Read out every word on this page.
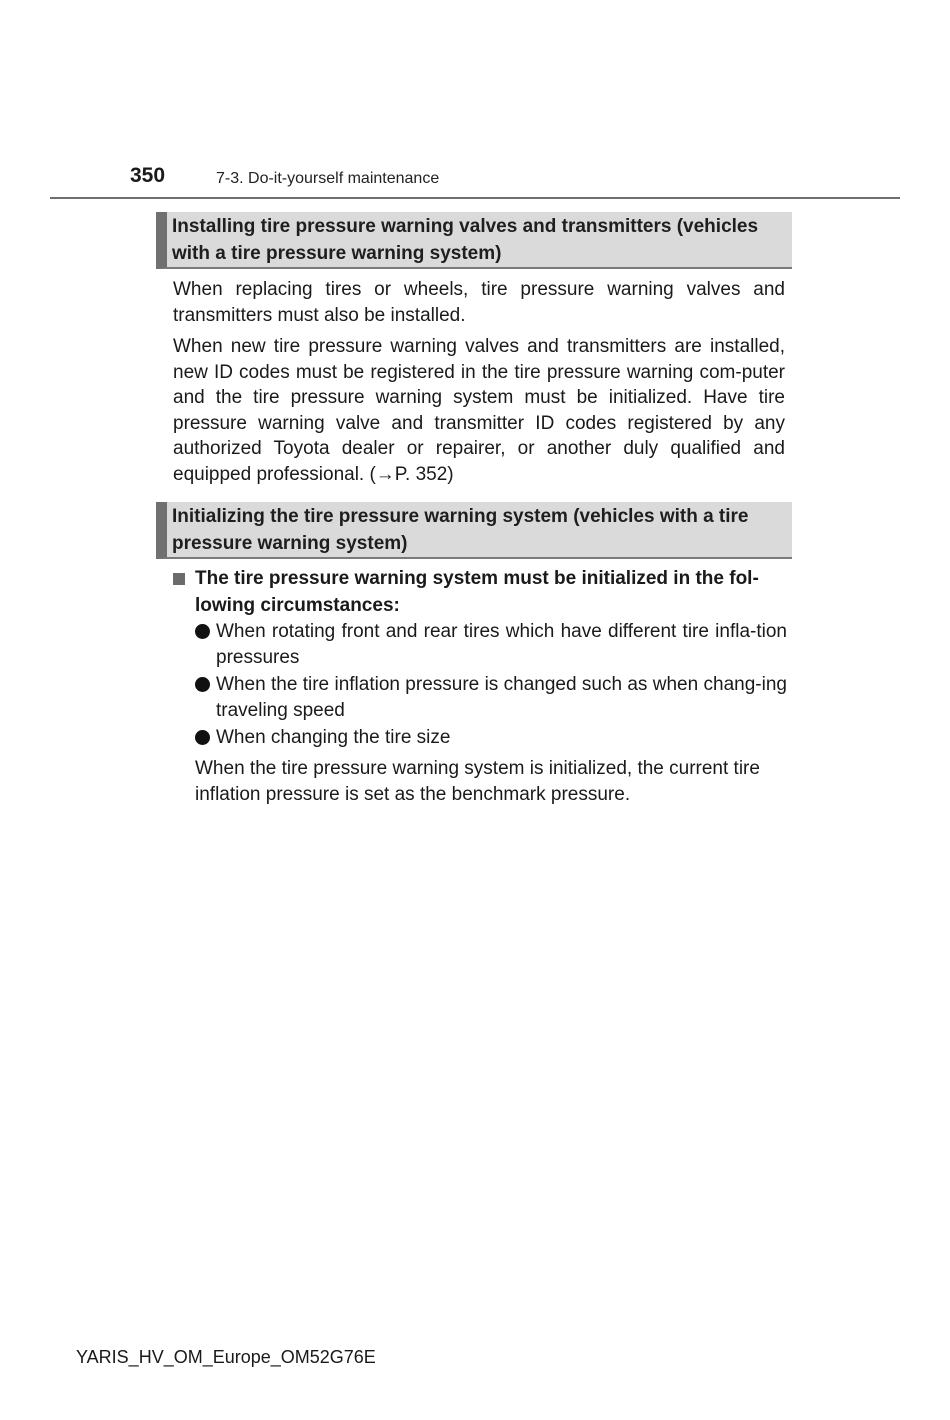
350	7-3. Do-it-yourself maintenance
Installing tire pressure warning valves and transmitters (vehicles with a tire pressure warning system)

When replacing tires or wheels, tire pressure warning valves and transmitters must also be installed.

When new tire pressure warning valves and transmitters are installed, new ID codes must be registered in the tire pressure warning com-puter and the tire pressure warning system must be initialized. Have tire pressure warning valve and transmitter ID codes registered by any authorized Toyota dealer or repairer, or another duly qualified and equipped professional. (→P. 352)

Initializing the tire pressure warning system (vehicles with a tire pressure warning system)
The tire pressure warning system must be initialized in the fol-lowing circumstances:
When rotating front and rear tires which have different tire infla-tion pressures
When the tire inflation pressure is changed such as when chang-ing traveling speed
When changing the tire size

When the tire pressure warning system is initialized, the current tire inflation pressure is set as the benchmark pressure.

YARIS_HV_OM_Europe_OM52G76E
